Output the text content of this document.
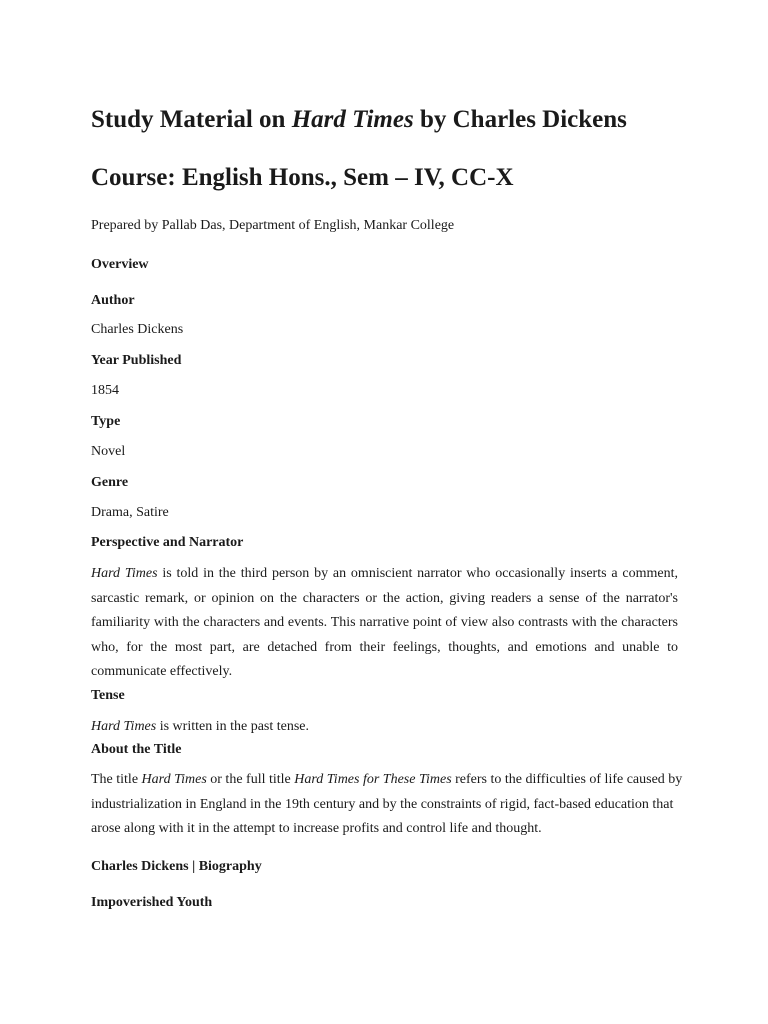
Study Material on Hard Times by Charles Dickens
Course: English Hons., Sem – IV, CC-X
Prepared by Pallab Das, Department of English, Mankar College
Overview
Author
Charles Dickens
Year Published
1854
Type
Novel
Genre
Drama, Satire
Perspective and Narrator
Hard Times is told in the third person by an omniscient narrator who occasionally inserts a comment, sarcastic remark, or opinion on the characters or the action, giving readers a sense of the narrator's familiarity with the characters and events. This narrative point of view also contrasts with the characters who, for the most part, are detached from their feelings, thoughts, and emotions and unable to communicate effectively.
Tense
Hard Times is written in the past tense.
About the Title
The title Hard Times or the full title Hard Times for These Times refers to the difficulties of life caused by industrialization in England in the 19th century and by the constraints of rigid, fact-based education that arose along with it in the attempt to increase profits and control life and thought.
Charles Dickens | Biography
Impoverished Youth
